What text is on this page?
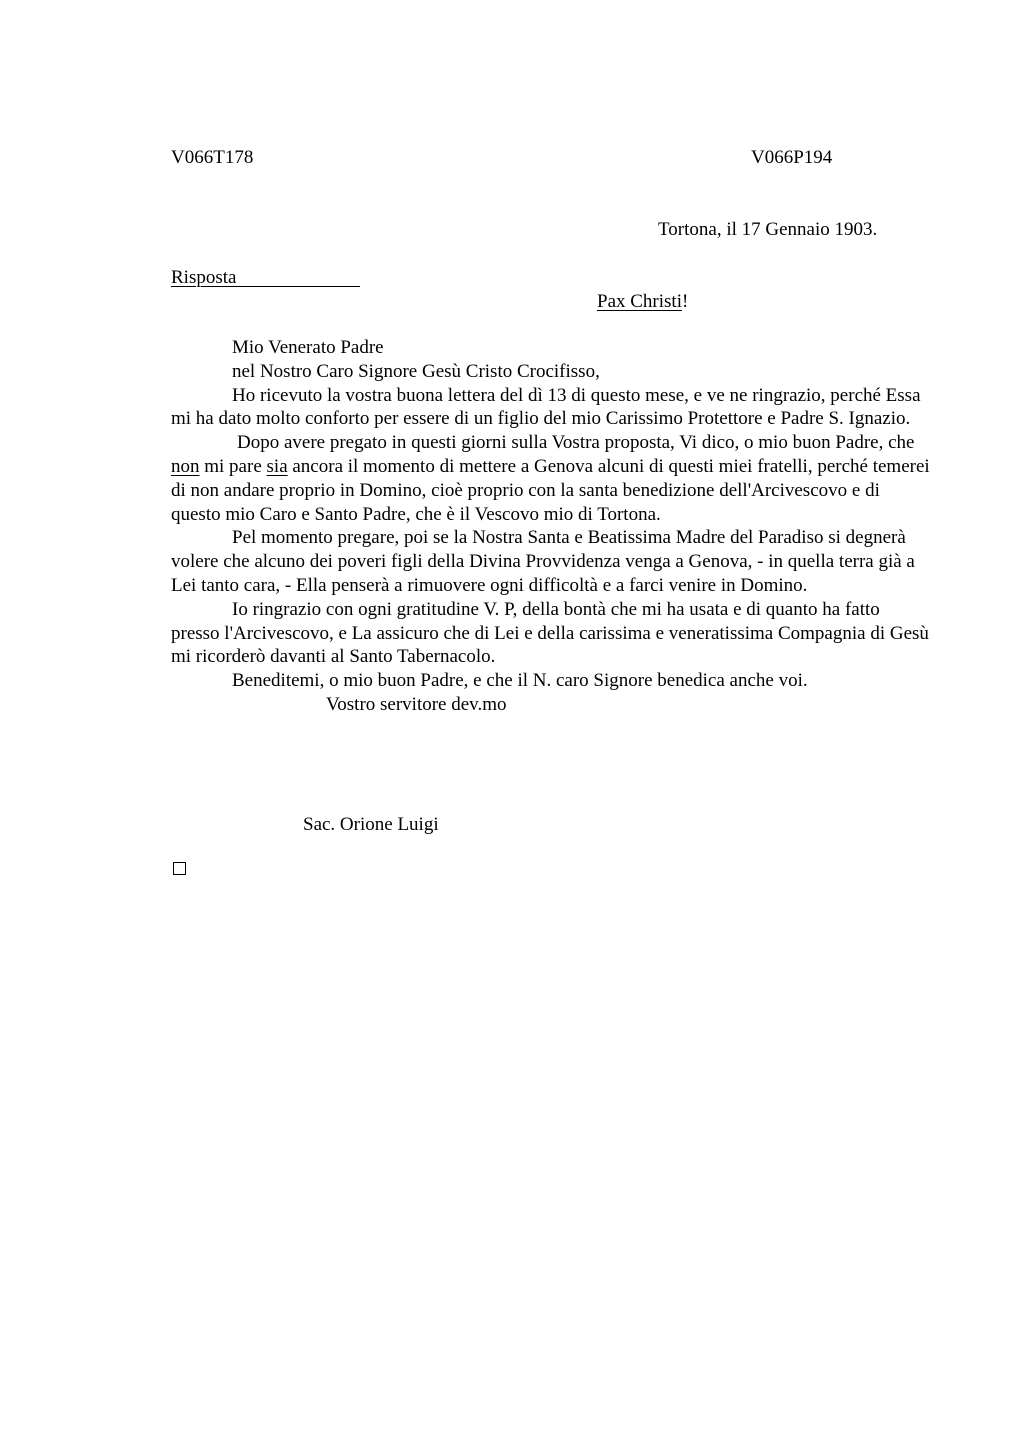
V066T178	V066P194
Tortona, il 17 Gennaio 1903.
Risposta
Pax Christi!

Mio Venerato Padre

nel Nostro Caro Signore Gesù Cristo Crocifisso,

Ho ricevuto la vostra buona lettera del dì 13 di questo mese, e ve ne ringrazio, perché Essa mi ha dato molto conforto per essere di un figlio del mio Carissimo Protettore e Padre S. Ignazio.

Dopo avere pregato in questi giorni sulla Vostra proposta, Vi dico, o mio buon Padre, che non mi pare sia ancora il momento di mettere a Genova alcuni di questi miei fratelli, perché temerei di non andare proprio in Domino, cioè proprio con la santa benedizione dell'Arcivescovo e di questo mio Caro e Santo Padre, che è il Vescovo mio di Tortona.

Pel momento pregare, poi se la Nostra Santa e Beatissima Madre del Paradiso si degnerà volere che alcuno dei poveri figli della Divina Provvidenza venga a Genova, - in quella terra già a Lei tanto cara, - Ella penserà a rimuovere ogni difficoltà e a farci venire in Domino.

Io ringrazio con ogni gratitudine V. P, della bontà che mi ha usata e di quanto ha fatto presso l'Arcivescovo, e La assicuro che di Lei e della carissima e veneratissima Compagnia di Gesù mi ricorderò davanti al Santo Tabernacolo.

Beneditemi, o mio buon Padre, e che il N. caro Signore benedica anche voi.

Vostro servitore dev.mo

Sac. Orione Luigi
